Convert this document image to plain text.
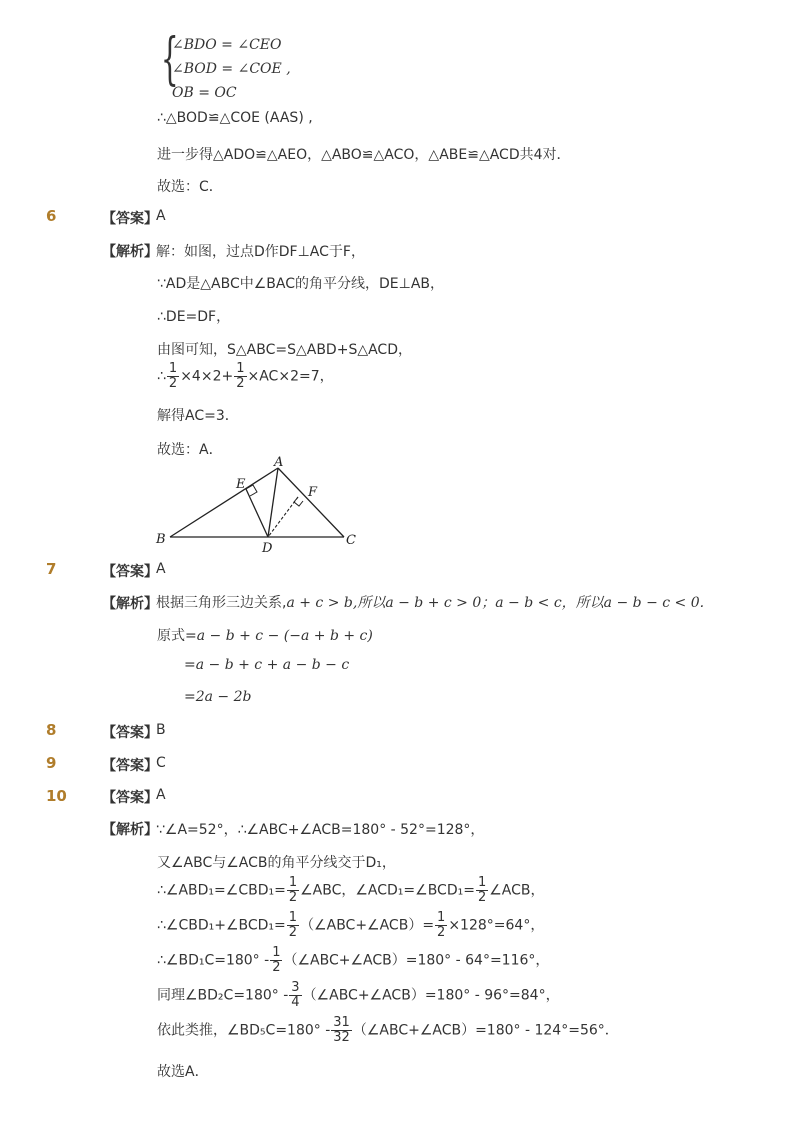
{
∠BDO = ∠CEO
∠BOD = ∠COE ,
OB = OC
∴△BOD≌△COE (AAS) ,
进一步得△ADO≌△AEO，△ABO≌△ACO，△ABE≌△ACD共4对．
故选：C．
6	【答案】
A
【解析】
解：如图，过点D作DF⊥AC于F，
∵AD是△ABC中∠BAC的角平分线，DE⊥AB，
∴DE=DF，
由图可知，S△ABC=S△ABD+S△ACD，
∴ $\frac{1}{2} \times 4\times 2+ \frac{1}{2} \times AC\times 2=7$，
解得AC=3．
故选：A．
A
E
F
B	C
D
7	【答案】
A
【解析】
根据三角形三边关系,a + c > b,所以a − b + c > 0；a − b < c，所以a − b − c < 0.
原式=a − b + c − (−a + b + c)
=a − b + c + a − b − c
=2a − 2b
8	【答案】
B
9	【答案】
C
10	【答案】
A
【解析】
∵∠A=52°，∴∠ABC+∠ACB=180° - 52°=128°，
又∠ABC与∠ACB的角平分线交于D₁，
∴∠ABD₁=∠CBD₁= $\frac{1}{2}$ ∠ABC，∠ACD₁=∠BCD₁= $\frac{1}{2}$ ∠ACB，
∴∠CBD₁+∠BCD₁= $\frac{1}{2}$ （∠ABC+∠ACB）= $\frac{1}{2} \times 128^\circ=64^\circ$，
∴∠BD₁C=180° - $\frac{1}{2}$ （∠ABC+∠ACB）=180° - 64°=116°，
同理∠BD₂C=180° - $\frac{3}{4}$ （∠ABC+∠ACB）=180° - 96°=84°，
依此类推，∠BD₅C=180° - $\frac{31}{32}$ （∠ABC+∠ACB）=180° - 124°=56°．
故选A．
